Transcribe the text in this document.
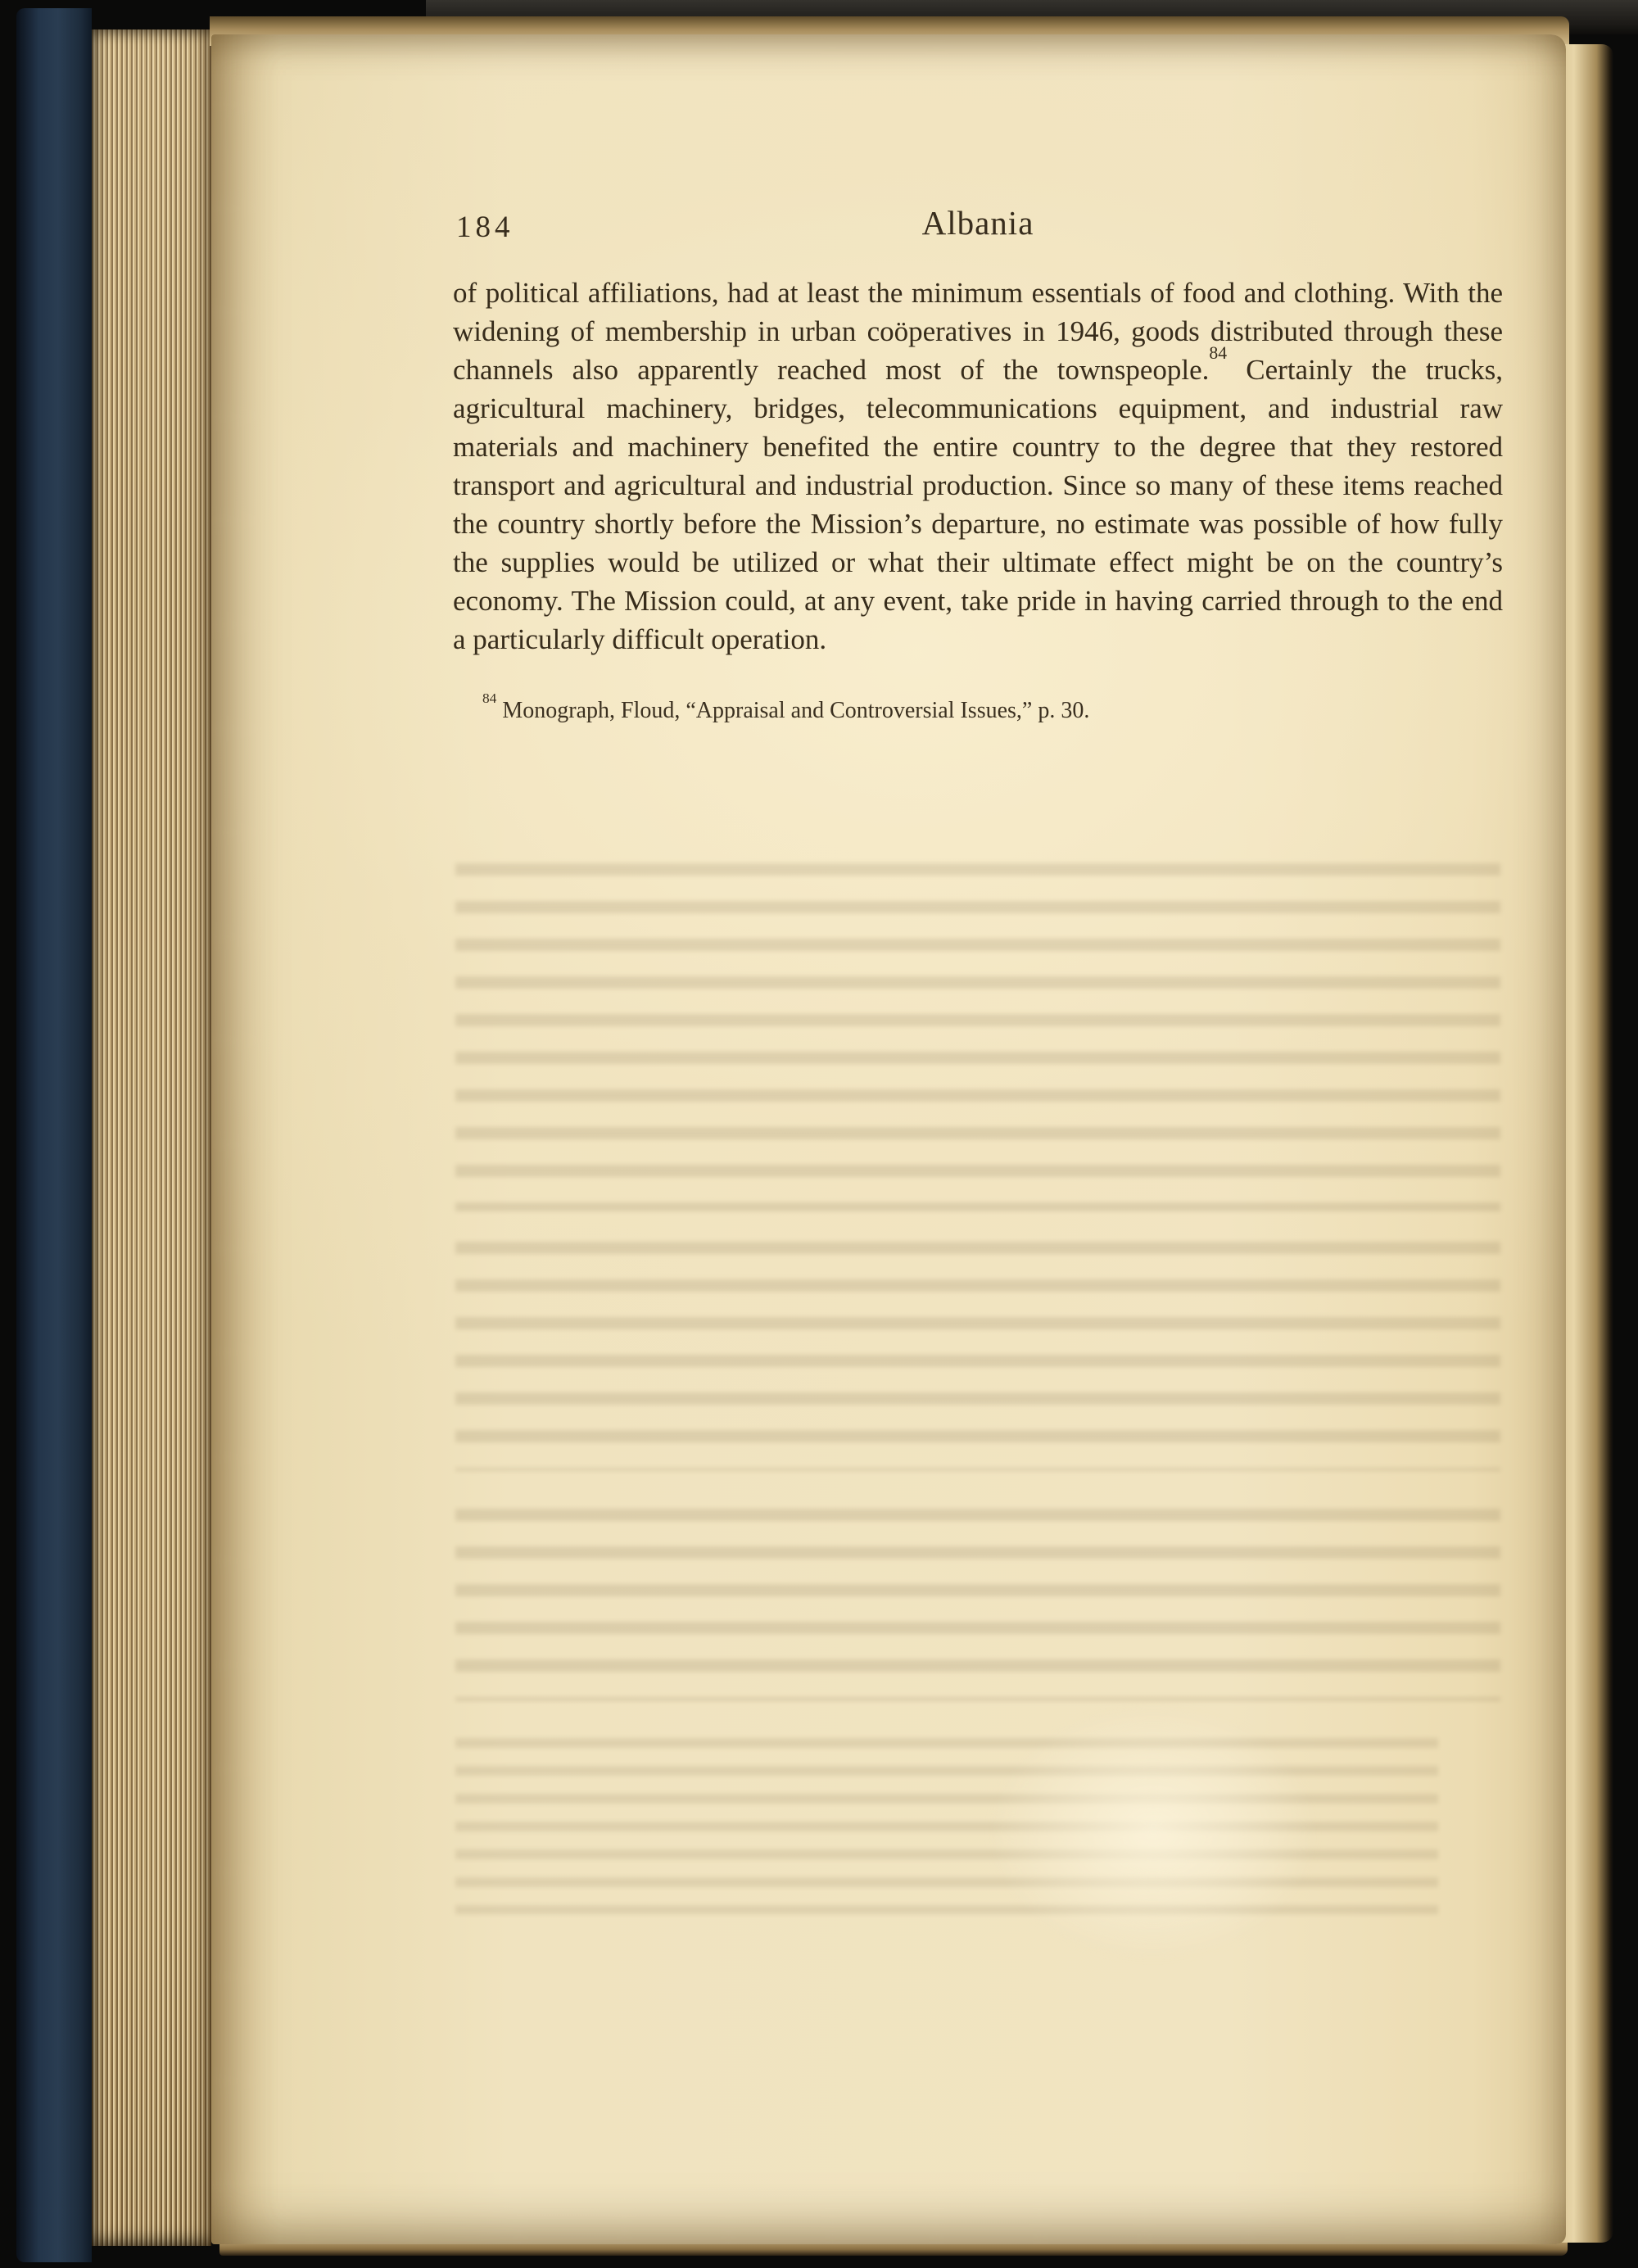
184	Albania

of political affiliations, had at least the minimum essentials of food and clothing. With the widening of membership in urban coöperatives in 1946, goods distributed through these channels also apparently reached most of the townspeople.$^{84}$ Certainly the trucks, agricultural machinery, bridges, telecommunications equipment, and industrial raw materials and machinery benefited the entire country to the degree that they restored transport and agricultural and industrial production. Since so many of these items reached the country shortly before the Mission’s departure, no estimate was possible of how fully the supplies would be utilized or what their ultimate effect might be on the country’s economy. The Mission could, at any event, take pride in having carried through to the end a particularly difficult operation.

$^{84}$ Monograph, Floud, “Appraisal and Controversial Issues,” p. 30.
